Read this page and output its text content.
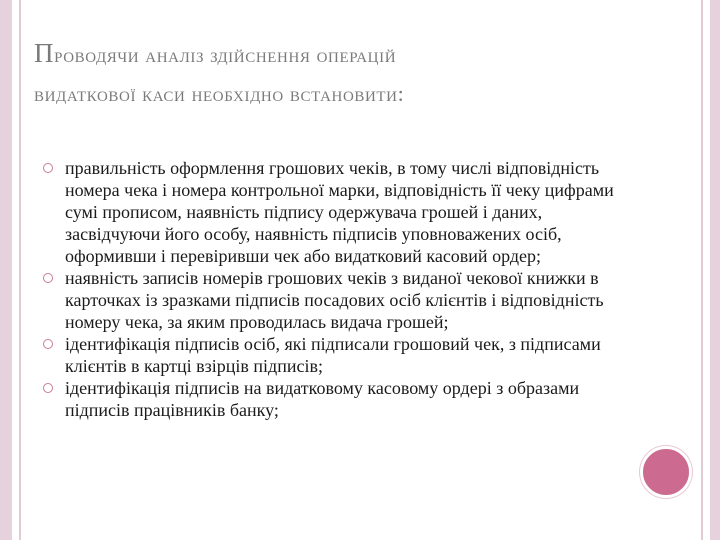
Проводячи аналіз здійснення операцій
видаткової каси необхідно встановити:
правильність оформлення грошових чеків, в тому числі відповідність номера чека і номера контрольної марки, відповідність її чеку цифрами сумі прописом, наявність підпису одержувача грошей і даних, засвідчуючи його особу, наявність підписів уповноважених осіб, оформивши і перевіривши чек або видатковий касовий ордер;
наявність записів номерів грошових чеків з виданої чекової книжки в карточках із зразками підписів посадових осіб клієнтів і відповідність номеру чека, за яким проводилась видача грошей;
ідентифікація підписів осіб, які підписали грошовий чек, з підписами клієнтів в картці взірців підписів;
ідентифікація підписів на видатковому касовому ордері з образами підписів працівників банку;
